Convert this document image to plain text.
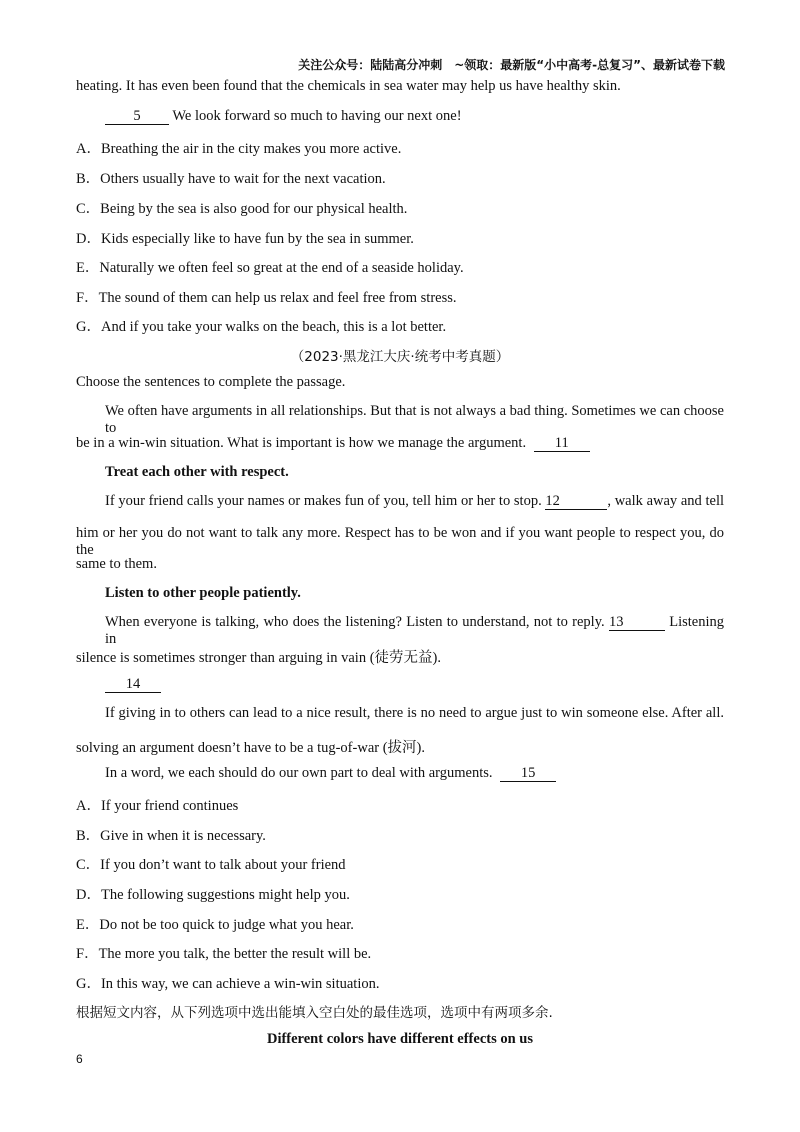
关注公众号：陆陆高分冲刺　~领取：最新版“小中高考-总复习”、最新试卷下载
heating. It has even been found that the chemicals in sea water may help us have healthy skin.
5 We look forward so much to having our next one!
A．Breathing the air in the city makes you more active.
B．Others usually have to wait for the next vacation.
C．Being by the sea is also good for our physical health.
D．Kids especially like to have fun by the sea in summer.
E．Naturally we often feel so great at the end of a seaside holiday.
F．The sound of them can help us relax and feel free from stress.
G．And if you take your walks on the beach, this is a lot better.
（2023·黑龙江大庆·统考中考真题）
Choose the sentences to complete the passage.
We often have arguments in all relationships. But that is not always a bad thing. Sometimes we can choose to
be in a win-win situation. What is important is how we manage the argument. 11
Treat each other with respect.
If your friend calls your names or makes fun of you, tell him or her to stop. 12	, walk away and tell
him or her you do not want to talk any more. Respect has to be won and if you want people to respect you, do the
same to them.
Listen to other people patiently.
When everyone is talking, who does the listening? Listen to understand, not to reply. 13	Listening in
silence is sometimes stronger than arguing in vain (徒劳无益).
14
If giving in to others can lead to a nice result, there is no need to argue just to win someone else. After all.
solving an argument doesn’t have to be a tug-of-war (拔河).
In a word, we each should do our own part to deal with arguments. 15
A．If your friend continues
B．Give in when it is necessary.
C．If you don’t want to talk about your friend
D．The following suggestions might help you.
E．Do not be too quick to judge what you hear.
F．The more you talk, the better the result will be.
G．In this way, we can achieve a win-win situation.
根据短文内容，从下列选项中选出能填入空白处的最佳选项，选项中有两项多余.
Different colors have different effects on us
6
